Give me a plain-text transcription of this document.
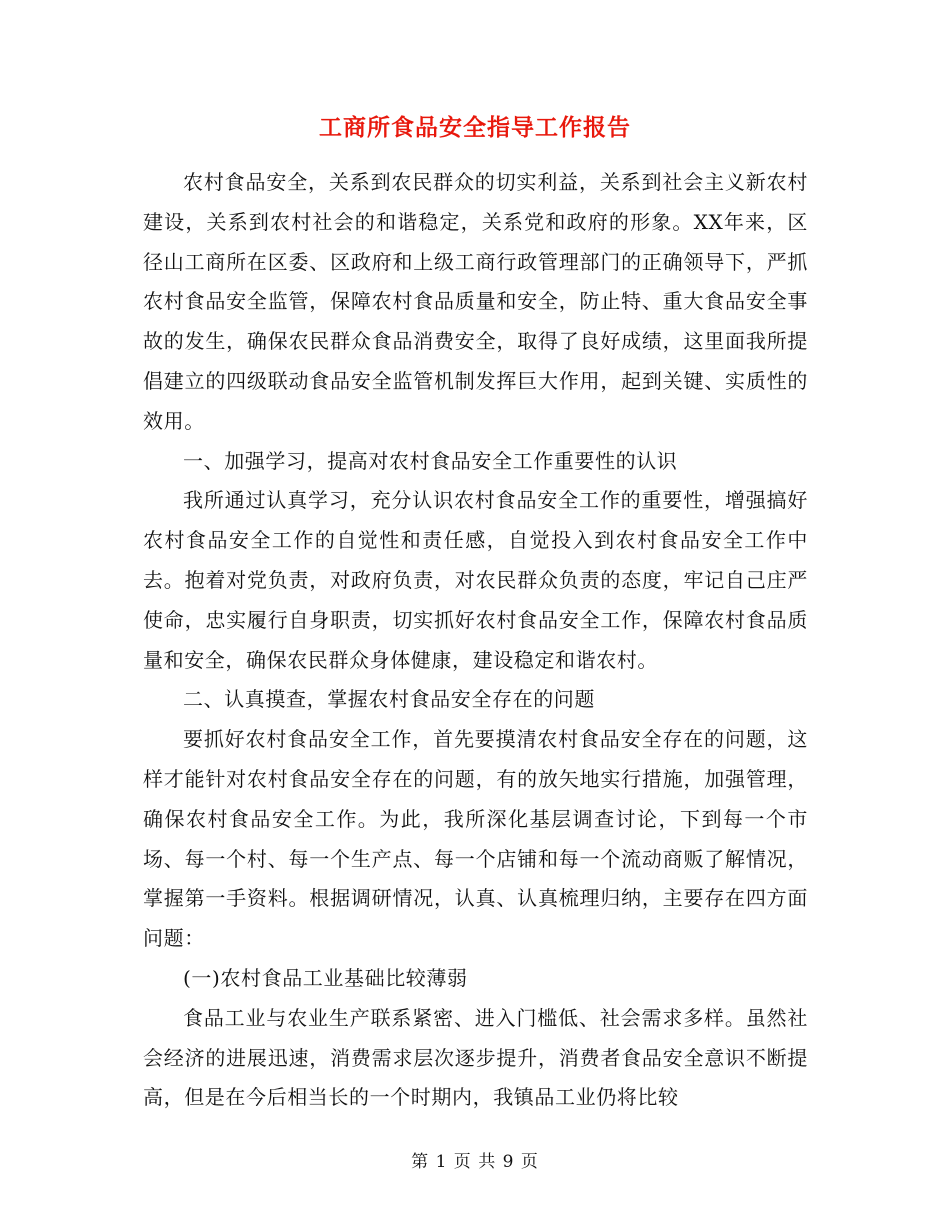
工商所食品安全指导工作报告

农村食品安全，关系到农民群众的切实利益，关系到社会主义新农村建设，关系到农村社会的和谐稳定，关系党和政府的形象。XX年来，区径山工商所在区委、区政府和上级工商行政管理部门的正确领导下，严抓农村食品安全监管，保障农村食品质量和安全，防止特、重大食品安全事故的发生，确保农民群众食品消费安全，取得了良好成绩，这里面我所提倡建立的四级联动食品安全监管机制发挥巨大作用，起到关键、实质性的效用。

一、加强学习，提高对农村食品安全工作重要性的认识

我所通过认真学习，充分认识农村食品安全工作的重要性，增强搞好农村食品安全工作的自觉性和责任感，自觉投入到农村食品安全工作中去。抱着对党负责，对政府负责，对农民群众负责的态度，牢记自己庄严使命，忠实履行自身职责，切实抓好农村食品安全工作，保障农村食品质量和安全，确保农民群众身体健康，建设稳定和谐农村。

二、认真摸查，掌握农村食品安全存在的问题

要抓好农村食品安全工作，首先要摸清农村食品安全存在的问题，这样才能针对农村食品安全存在的问题，有的放矢地实行措施，加强管理，确保农村食品安全工作。为此，我所深化基层调查讨论，下到每一个市场、每一个村、每一个生产点、每一个店铺和每一个流动商贩了解情况，掌握第一手资料。根据调研情况，认真、认真梳理归纳，主要存在四方面问题：

(一)农村食品工业基础比较薄弱

食品工业与农业生产联系紧密、进入门槛低、社会需求多样。虽然社会经济的进展迅速，消费需求层次逐步提升，消费者食品安全意识不断提高，但是在今后相当长的一个时期内，我镇品工业仍将比较

第 1 页 共 9 页
